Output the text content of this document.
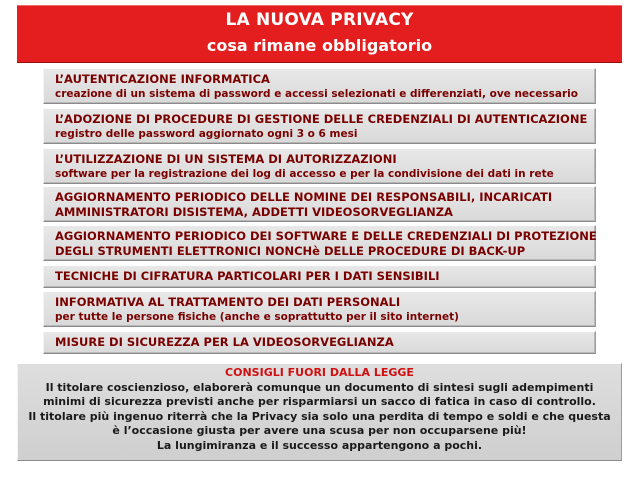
LA NUOVA PRIVACY
cosa rimane obbligatorio
L’AUTENTICAZIONE INFORMATICA
creazione di un sistema di password e accessi selezionati e differenziati, ove necessario
L’ADOZIONE DI PROCEDURE DI GESTIONE DELLE CREDENZIALI DI AUTENTICAZIONE
registro delle password aggiornato ogni 3 o 6 mesi
L’UTILIZZAZIONE DI UN SISTEMA DI AUTORIZZAZIONI
software per la registrazione dei log di accesso e per la condivisione dei dati in rete
AGGIORNAMENTO PERIODICO DELLE NOMINE DEI RESPONSABILI, INCARICATI
AMMINISTRATORI DISISTEMA, ADDETTI VIDEOSORVEGLIANZA
AGGIORNAMENTO PERIODICO DEI SOFTWARE E DELLE CREDENZIALI DI PROTEZIONE
DEGLI STRUMENTI ELETTRONICI NONCHè DELLE PROCEDURE DI BACK-UP
TECNICHE DI CIFRATURA PARTICOLARI PER I DATI SENSIBILI
INFORMATIVA AL TRATTAMENTO DEI DATI PERSONALI
per tutte le persone fisiche (anche e soprattutto per il sito internet)
MISURE DI SICUREZZA PER LA VIDEOSORVEGLIANZA
CONSIGLI FUORI DALLA LEGGE
Il titolare coscienzioso, elaborerà comunque un documento di sintesi sugli adempimenti
minimi di sicurezza previsti anche per risparmiarsi un sacco di fatica in caso di controllo.
Il titolare più ingenuo riterrà che la Privacy sia solo una perdita di tempo e soldi e che questa
è l’occasione giusta per avere una scusa per non occuparsene più!
La lungimiranza e il successo appartengono a pochi.
